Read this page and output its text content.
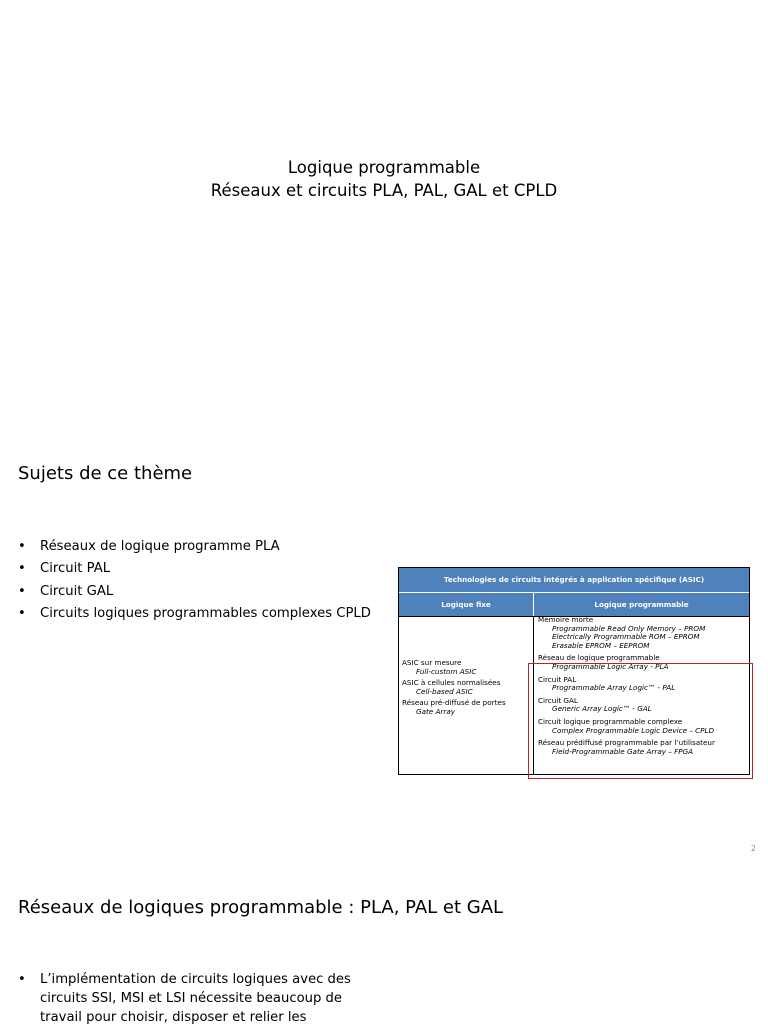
Logique programmable
Réseaux et circuits PLA, PAL, GAL et CPLD
Sujets de ce thème
• Réseaux de logique programme PLA
• Circuit PAL
• Circuit GAL
• Circuits logiques programmables complexes CPLD
Technologies de circuits intégrés à application spécifique (ASIC)
Logique fixe	Logique programmable
ASIC sur mesure
Full-custom ASIC
ASIC à cellules normalisées
Cell-based ASIC
Réseau pré-diffusé de portes
Gate Array
Mémoire morte
Programmable Read Only Memory – PROM
Electrically Programmable ROM – EPROM
Erasable EPROM – EEPROM
Réseau de logique programmable
Programmable Logic Array - PLA
Circuit PAL
Programmable Array Logic™ - PAL
Circuit GAL
Generic Array Logic™ - GAL
Circuit logique programmable complexe
Complex Programmable Logic Device – CPLD
Réseau prédiffusé programmable par l’utilisateur
Field-Programmable Gate Array – FPGA
2
Réseaux de logiques programmable : PLA, PAL et GAL
• L’implémentation de circuits logiques avec des circuits SSI, MSI et LSI nécessite beaucoup de travail pour choisir, disposer et relier les
